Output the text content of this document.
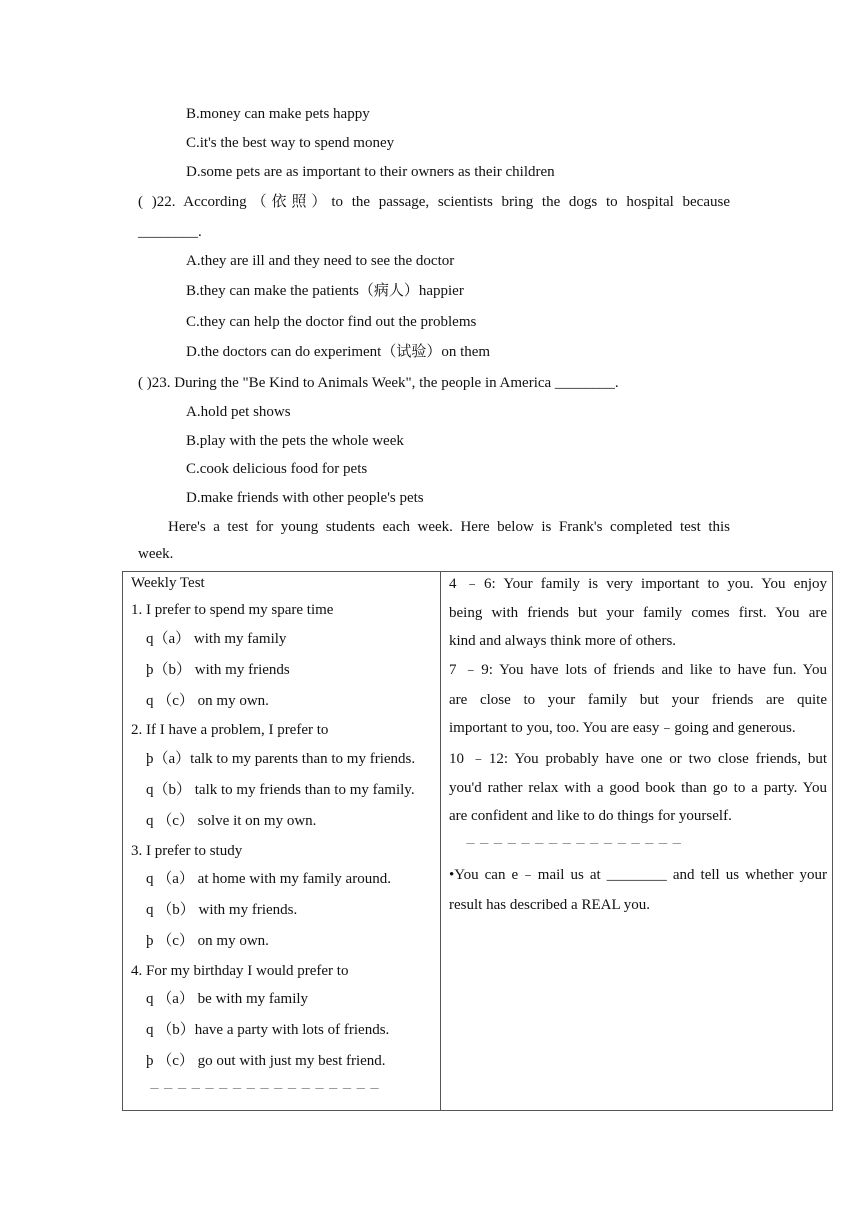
B.money can make pets happy
C.it's the best way to spend money
D.some pets are as important to their owners as their children
( )22. According（依照）to the passage, scientists bring the dogs to hospital because
________.
A.they are ill and they need to see the doctor
B.they can make the patients（病人）happier
C.they can help the doctor find out the problems
D.the doctors can do experiment（试验）on them
( )23. During the "Be Kind to Animals Week", the people in America ________.
A.hold pet shows
B.play with the pets the whole week
C.cook delicious food for pets
D.make friends with other people's pets
Here's a test for young students each week. Here below is Frank's completed test this
week.
Weekly Test
1. I prefer to spend my spare time
q（a） with my family
þ（b） with my friends
q （c） on my own.
2. If I have a problem, I prefer to
þ（a）talk to my parents than to my friends.
q（b） talk to my friends than to my family.
q （c） solve it on my own.
3. I prefer to study
q （a） at home with my family around.
q （b） with my friends.
þ （c） on my own.
4. For my birthday I would prefer to
q （a） be with my family
q （b）have a party with lots of friends.
þ （c） go out with just my best friend.
－ － － － － － － － － － － － － － － － －
4 ﹣6: Your family is very important to you. You enjoy
being with friends but your family comes first. You are
kind and always think more of others.
7 ﹣9: You have lots of friends and like to have fun. You
are close to your family but your friends are quite
important to you, too. You are easy﹣going and generous.
10 ﹣12: You probably have one or two close friends, but
you'd rather relax with a good book than go to a party. You
are confident and like to do things for yourself.
－ － － － － － － － － － － － － － － －
•You can e﹣mail us at ________ and tell us whether your
result has described a REAL you.
